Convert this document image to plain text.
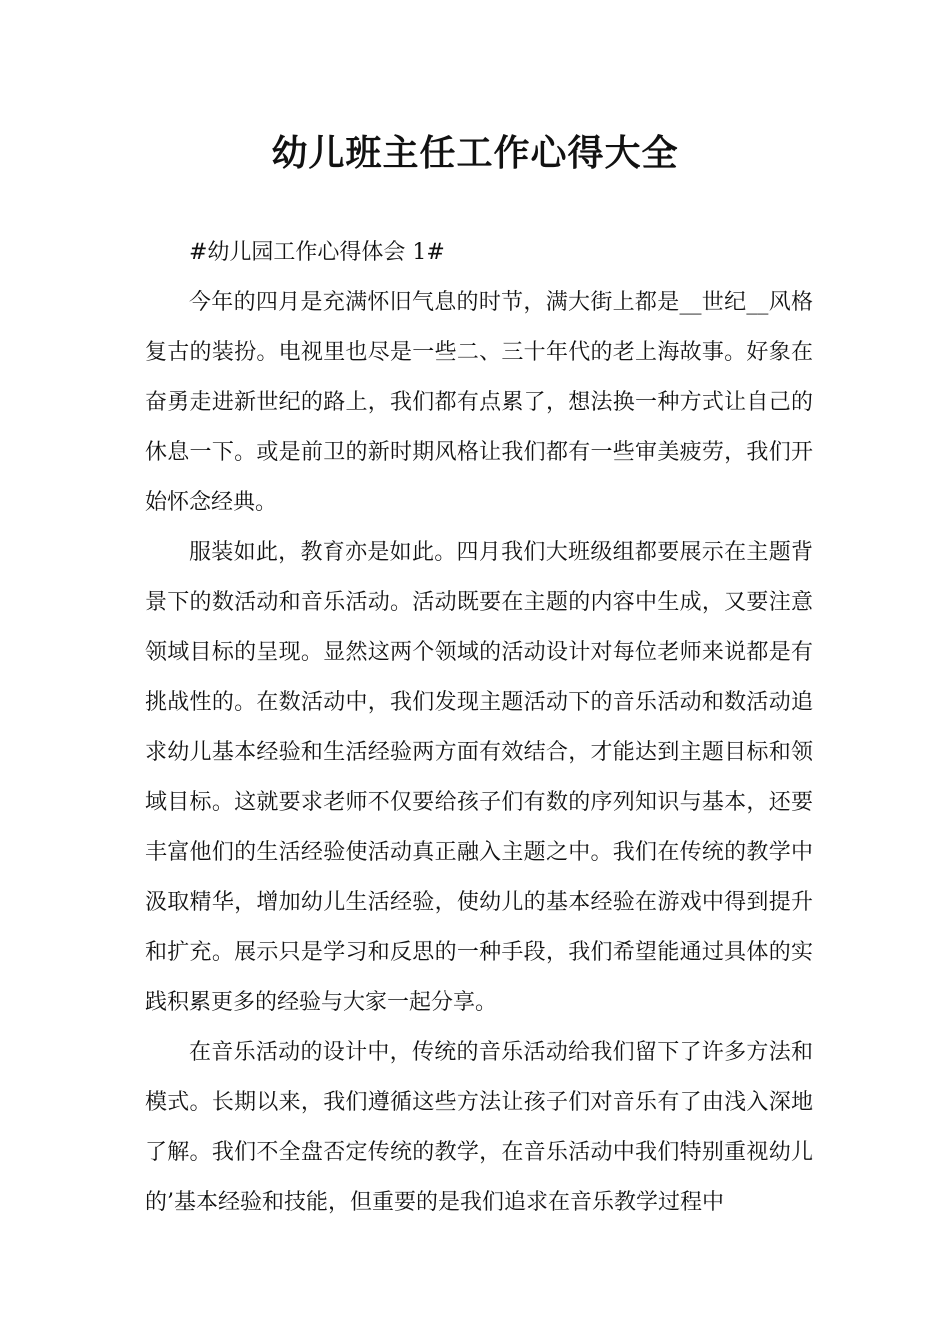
幼儿班主任工作心得大全

#幼儿园工作心得体会 1#

今年的四月是充满怀旧气息的时节，满大街上都是__世纪__风格复古的装扮。电视里也尽是一些二、三十年代的老上海故事。好象在奋勇走进新世纪的路上，我们都有点累了，想法换一种方式让自己的休息一下。或是前卫的新时期风格让我们都有一些审美疲劳，我们开始怀念经典。

服装如此，教育亦是如此。四月我们大班级组都要展示在主题背景下的数活动和音乐活动。活动既要在主题的内容中生成，又要注意领域目标的呈现。显然这两个领域的活动设计对每位老师来说都是有挑战性的。在数活动中，我们发现主题活动下的音乐活动和数活动追求幼儿基本经验和生活经验两方面有效结合，才能达到主题目标和领域目标。这就要求老师不仅要给孩子们有数的序列知识与基本，还要丰富他们的生活经验使活动真正融入主题之中。我们在传统的教学中汲取精华，增加幼儿生活经验，使幼儿的基本经验在游戏中得到提升和扩充。展示只是学习和反思的一种手段，我们希望能通过具体的实践积累更多的经验与大家一起分享。

在音乐活动的设计中，传统的音乐活动给我们留下了许多方法和模式。长期以来，我们遵循这些方法让孩子们对音乐有了由浅入深地了解。我们不全盘否定传统的教学，在音乐活动中我们特别重视幼儿的’基本经验和技能，但重要的是我们追求在音乐教学过程中
